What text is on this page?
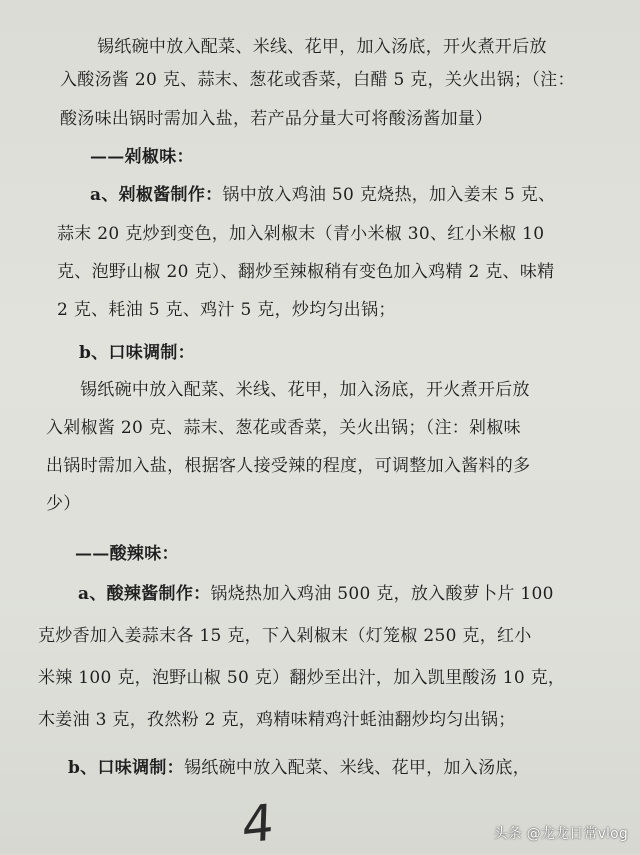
锡纸碗中放入配菜、米线、花甲，加入汤底，开火煮开后放
入酸汤酱 20 克、蒜末、葱花或香菜，白醋 5 克，关火出锅；（注：
酸汤味出锅时需加入盐，若产品分量大可将酸汤酱加量）
——剁椒味：
a、剁椒酱制作：锅中放入鸡油 50 克烧热，加入姜末 5 克、
蒜末 20 克炒到变色，加入剁椒末（青小米椒 30、红小米椒 10
克、泡野山椒 20 克）、翻炒至辣椒稍有变色加入鸡精 2 克、味精
2 克、耗油 5 克、鸡汁 5 克，炒均匀出锅；
b、口味调制：
锡纸碗中放入配菜、米线、花甲，加入汤底，开火煮开后放
入剁椒酱 20 克、蒜末、葱花或香菜，关火出锅；（注：剁椒味
出锅时需加入盐，根据客人接受辣的程度，可调整加入酱料的多
少）
——酸辣味：
a、酸辣酱制作：锅烧热加入鸡油 500 克，放入酸萝卜片 100
克炒香加入姜蒜末各 15 克，下入剁椒末（灯笼椒 250 克，红小
米辣 100 克，泡野山椒 50 克）翻炒至出汁，加入凯里酸汤 10 克，
木姜油 3 克，孜然粉 2 克，鸡精味精鸡汁蚝油翻炒均匀出锅；
b、口味调制：锡纸碗中放入配菜、米线、花甲，加入汤底，
4	头条 @龙龙日常vlog
